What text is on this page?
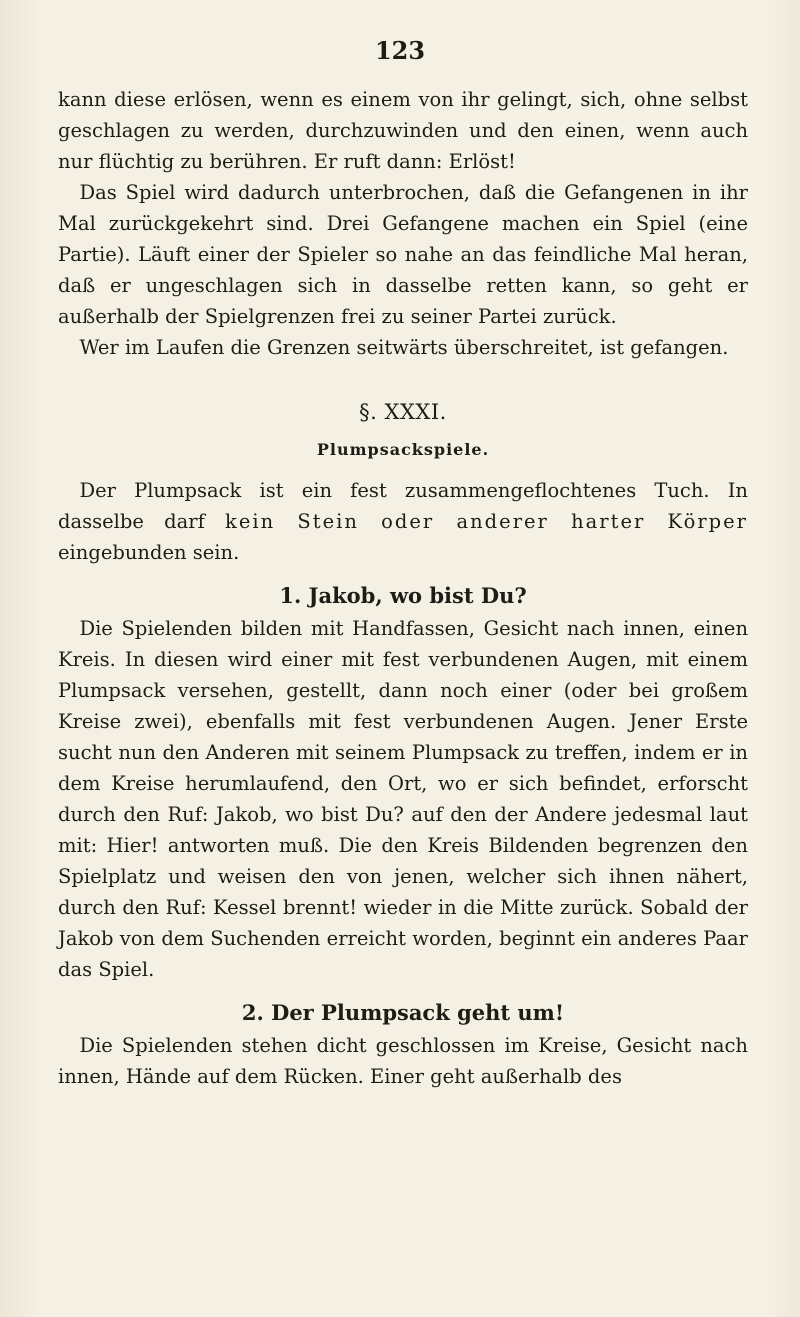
123

kann diese erlösen, wenn es einem von ihr gelingt, sich, ohne selbst geschlagen zu werden, durchzuwinden und den einen, wenn auch nur flüchtig zu berühren. Er ruft dann: Erlöst!

Das Spiel wird dadurch unterbrochen, daß die Gefangenen in ihr Mal zurückgekehrt sind. Drei Gefangene machen ein Spiel (eine Partie). Läuft einer der Spieler so nahe an das feindliche Mal heran, daß er ungeschlagen sich in dasselbe retten kann, so geht er außerhalb der Spielgrenzen frei zu seiner Partei zurück.

Wer im Laufen die Grenzen seitwärts überschreitet, ist gefangen.

§. XXXI.
Plumpsackspiele.

Der Plumpsack ist ein fest zusammengeflochtenes Tuch. In dasselbe darf kein Stein oder anderer harter Körper eingebunden sein.

1. Jakob, wo bist Du?

Die Spielenden bilden mit Handfassen, Gesicht nach innen, einen Kreis. In diesen wird einer mit fest verbundenen Augen, mit einem Plumpsack versehen, gestellt, dann noch einer (oder bei großem Kreise zwei), ebenfalls mit fest verbundenen Augen. Jener Erste sucht nun den Anderen mit seinem Plumpsack zu treffen, indem er in dem Kreise herumlaufend, den Ort, wo er sich befindet, erforscht durch den Ruf: Jakob, wo bist Du? auf den der Andere jedesmal laut mit: Hier! antworten muß. Die den Kreis Bildenden begrenzen den Spielplatz und weisen den von jenen, welcher sich ihnen nähert, durch den Ruf: Kessel brennt! wieder in die Mitte zurück. Sobald der Jakob von dem Suchenden erreicht worden, beginnt ein anderes Paar das Spiel.

2. Der Plumpsack geht um!

Die Spielenden stehen dicht geschlossen im Kreise, Gesicht nach innen, Hände auf dem Rücken. Einer geht außerhalb des
